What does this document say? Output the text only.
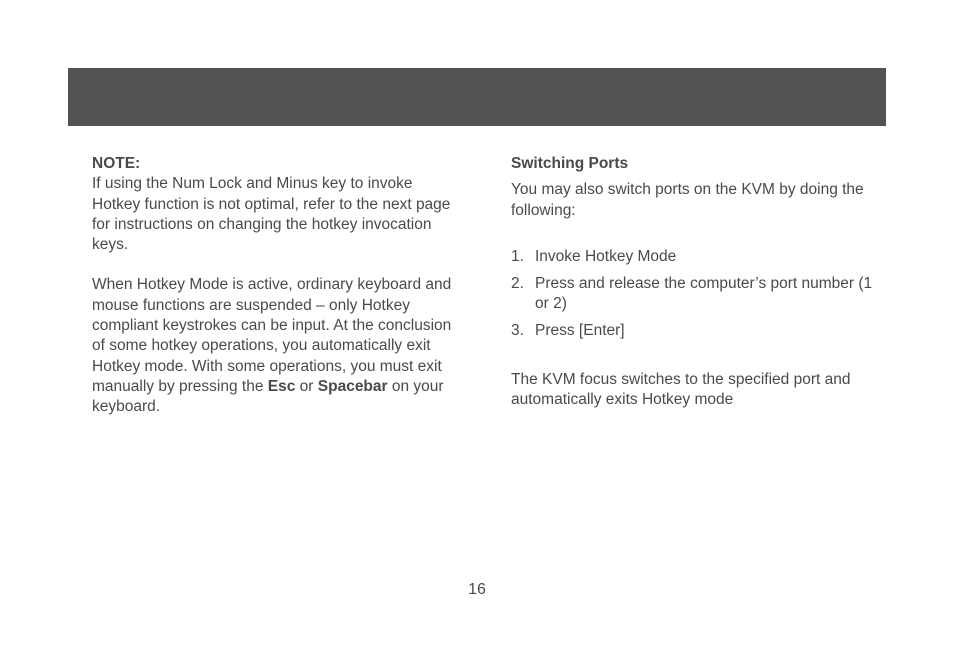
NOTE:

If using the Num Lock and Minus key to invoke Hotkey function is not optimal, refer to the next page for instructions on changing the hotkey invocation keys.

When Hotkey Mode is active, ordinary keyboard and mouse functions are suspended – only Hotkey compliant keystrokes can be input. At the conclusion of some hotkey operations, you automatically exit Hotkey mode. With some operations, you must exit manually by pressing the Esc or Spacebar on your keyboard.

Switching Ports

You may also switch ports on the KVM by doing the following:

1. Invoke Hotkey Mode
2. Press and release the computer’s port number (1 or 2)
3. Press [Enter]

The KVM focus switches to the specified port and automatically exits Hotkey mode

16
